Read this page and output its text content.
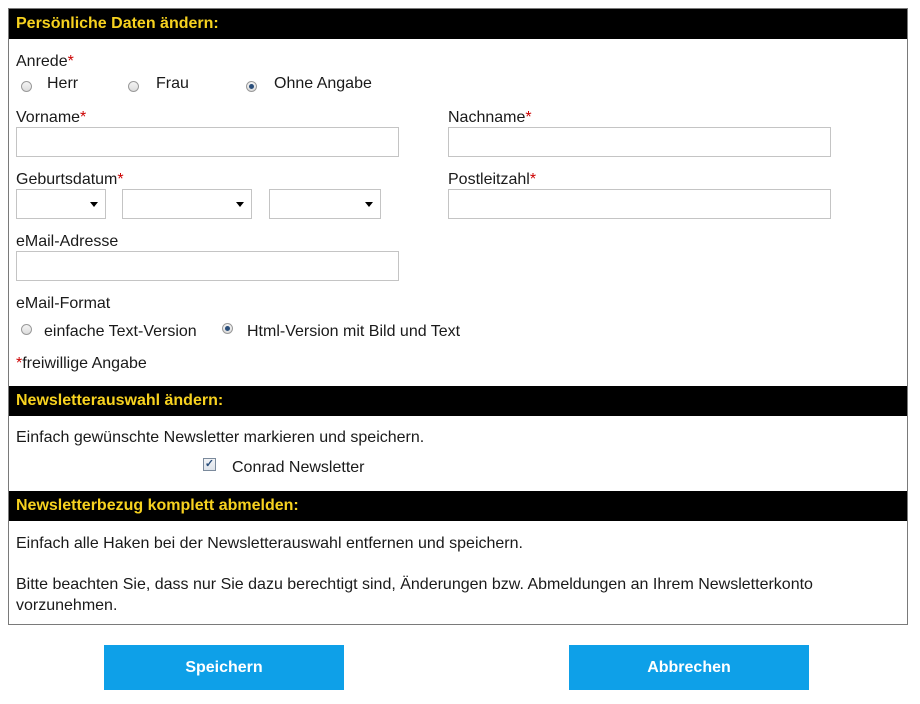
Persönliche Daten ändern:
Anrede*
Herr	Frau	Ohne Angabe
Vorname*	Nachname*
Geburtsdatum*	Postleitzahl*
eMail-Adresse
eMail-Format
einfache Text-Version	Html-Version mit Bild und Text
*freiwillige Angabe
Newsletterauswahl ändern:
Einfach gewünschte Newsletter markieren und speichern.
✓ Conrad Newsletter
Newsletterbezug komplett abmelden:
Einfach alle Haken bei der Newsletterauswahl entfernen und speichern.
Bitte beachten Sie, dass nur Sie dazu berechtigt sind, Änderungen bzw. Abmeldungen an Ihrem Newsletterkonto vorzunehmen.
Speichern	Abbrechen
